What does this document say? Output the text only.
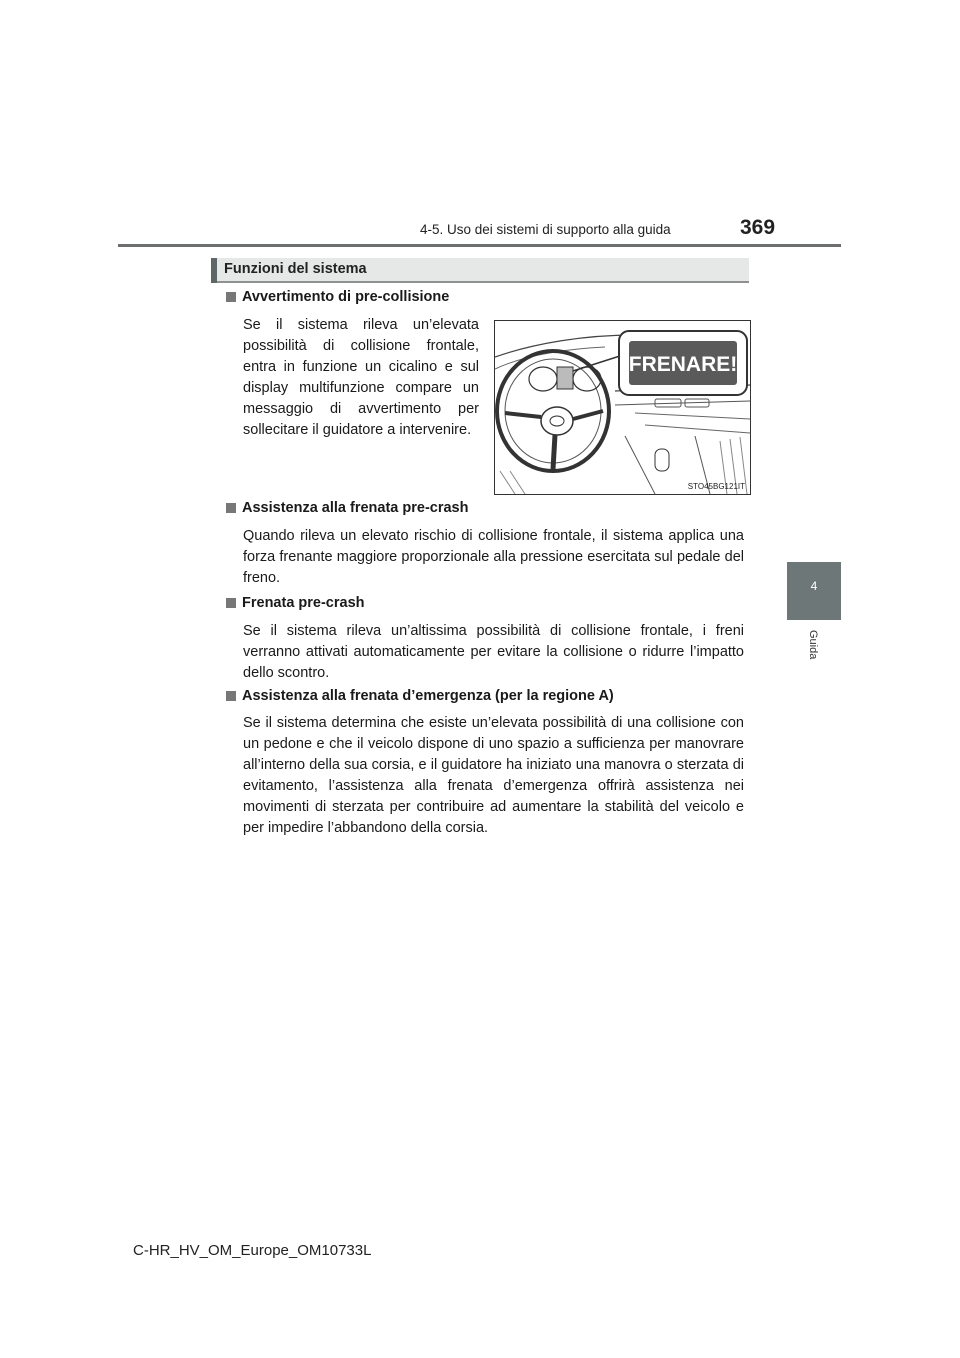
4-5. Uso dei sistemi di supporto alla guida	369
4
Guida
Funzioni del sistema
Avvertimento di pre-collisione
Se il sistema rileva un’elevata possibilità di collisione frontale, entra in funzione un cicalino e sul display multifunzione compare un messaggio di avvertimento per sollecitare il guidatore a intervenire.
FRENARE!
STO45BG121IT
Assistenza alla frenata pre-crash
Quando rileva un elevato rischio di collisione frontale, il sistema applica una forza frenante maggiore proporzionale alla pressione esercitata sul pedale del freno.
Frenata pre-crash
Se il sistema rileva un’altissima possibilità di collisione frontale, i freni verranno attivati automaticamente per evitare la collisione o ridurre l’impatto dello scontro.
Assistenza alla frenata d’emergenza (per la regione A)
Se il sistema determina che esiste un’elevata possibilità di una collisione con un pedone e che il veicolo dispone di uno spazio a sufficienza per manovrare all’interno della sua corsia, e il guidatore ha iniziato una manovra o sterzata di evitamento, l’assistenza alla frenata d’emergenza offrirà assistenza nei movimenti di sterzata per contribuire ad aumentare la stabilità del veicolo e per impedire l’abbandono della corsia.
C-HR_HV_OM_Europe_OM10733L
